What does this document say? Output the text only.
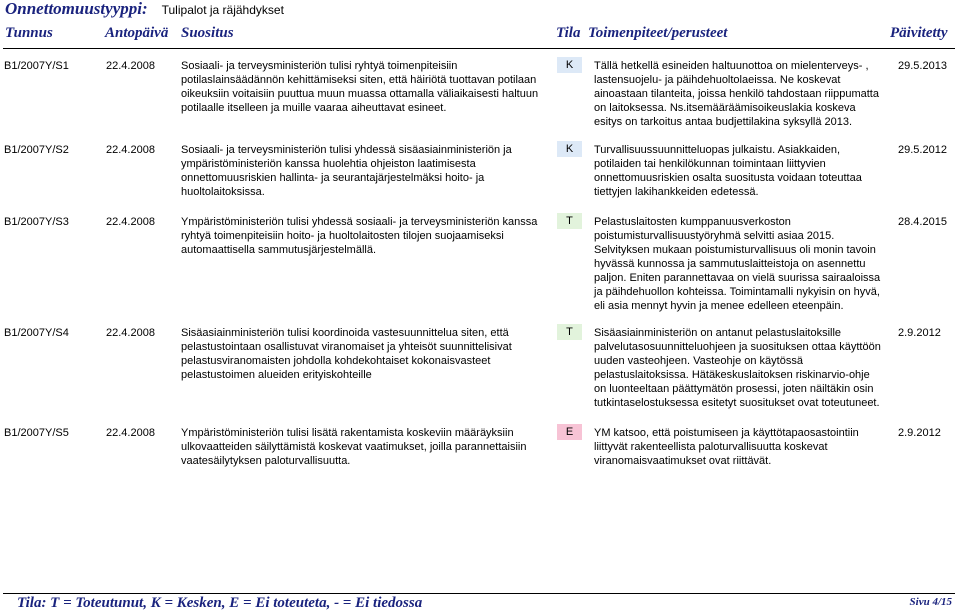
Onnettomuustyyppi: Tulipalot ja räjähdykset
Tunnus	Antopäivä Suositus	Tila Toimenpiteet/perusteet	Päivitetty
B1/2007Y/S1	22.4.2008 Sosiaali- ja terveysministeriön tulisi ryhtyä toimenpiteisiin
potilaslainsäädännön kehittämiseksi siten, että häiriötä tuottavan potilaan
oikeuksiin voitaisiin puuttua muun muassa ottamalla väliaikaisesti haltuun
potilaalle itselleen ja muille vaaraa aiheuttavat esineet.
K	Tällä hetkellä esineiden haltuunottoa on mielenterveys- ,
lastensuojelu- ja päihdehuoltolaeissa. Ne koskevat
ainoastaan tilanteita, joissa henkilö tahdostaan riippumatta
on laitoksessa. Ns.itsemääräämisoikeuslakia koskeva
esitys on tarkoitus antaa budjettilakina syksyllä 2013.
29.5.2013
B1/2007Y/S2	22.4.2008 Sosiaali- ja terveysministeriön tulisi yhdessä sisäasiainministeriön ja
ympäristöministeriön kanssa huolehtia ohjeiston laatimisesta
onnettomuusriskien hallinta- ja seurantajärjestelmäksi hoito- ja
huoltolaitoksissa.
K	Turvallisuussuunnitteluopas julkaistu. Asiakkaiden,
potilaiden tai henkilökunnan toimintaan liittyvien
onnettomuusriskien osalta suositusta voidaan toteuttaa
tiettyjen lakihankkeiden edetessä.
29.5.2012
B1/2007Y/S3	22.4.2008 Ympäristöministeriön tulisi yhdessä sosiaali- ja terveysministeriön kanssa
ryhtyä toimenpiteisiin hoito- ja huoltolaitosten tilojen suojaamiseksi
automaattisella sammutusjärjestelmällä.
T	Pelastuslaitosten kumppanuusverkoston
poistumisturvallisuustyöryhmä selvitti asiaa 2015.
Selvityksen mukaan poistumisturvallisuus oli monin tavoin
hyvässä kunnossa ja sammutuslaitteistoja on asennettu
paljon. Eniten parannettavaa on vielä suurissa sairaaloissa
ja päihdehuollon kohteissa. Toimintamalli nykyisin on hyvä,
eli asia mennyt hyvin ja menee edelleen eteenpäin.
28.4.2015
B1/2007Y/S4	22.4.2008 Sisäasiainministeriön tulisi koordinoida vastesuunnittelua siten, että
pelastustointaan osallistuvat viranomaiset ja yhteisöt suunnittelisivat
pelastusviranomaisten johdolla kohdekohtaiset kokonaisvasteet
pelastustoimen alueiden erityiskohteille
T	Sisäasiainministeriön on antanut pelastuslaitoksille
palvelutasosuunnitteluohjeen ja suosituksen ottaa käyttöön
uuden vasteohjeen. Vasteohje on käytössä
pelastuslaitoksissa. Hätäkeskuslaitoksen riskinarvio-ohje
on luonteeltaan päättymätön prosessi, joten näiltäkin osin
tutkintaselostuksessa esitetyt suositukset ovat toteutuneet.
2.9.2012
B1/2007Y/S5	22.4.2008 Ympäristöministeriön tulisi lisätä rakentamista koskeviin määräyksiin
ulkovaatteiden säilyttämistä koskevat vaatimukset, joilla parannettaisiin
vaatesäilytyksen paloturvallisuutta.
E	YM katsoo, että poistumiseen ja käyttötapaosastointiin
liittyvät rakenteellista paloturvallisuutta koskevat
viranomaisvaatimukset ovat riittävät.
2.9.2012
Tila: T = Toteutunut, K = Kesken, E = Ei toteuteta, - = Ei tiedossa	Sivu 4/15
